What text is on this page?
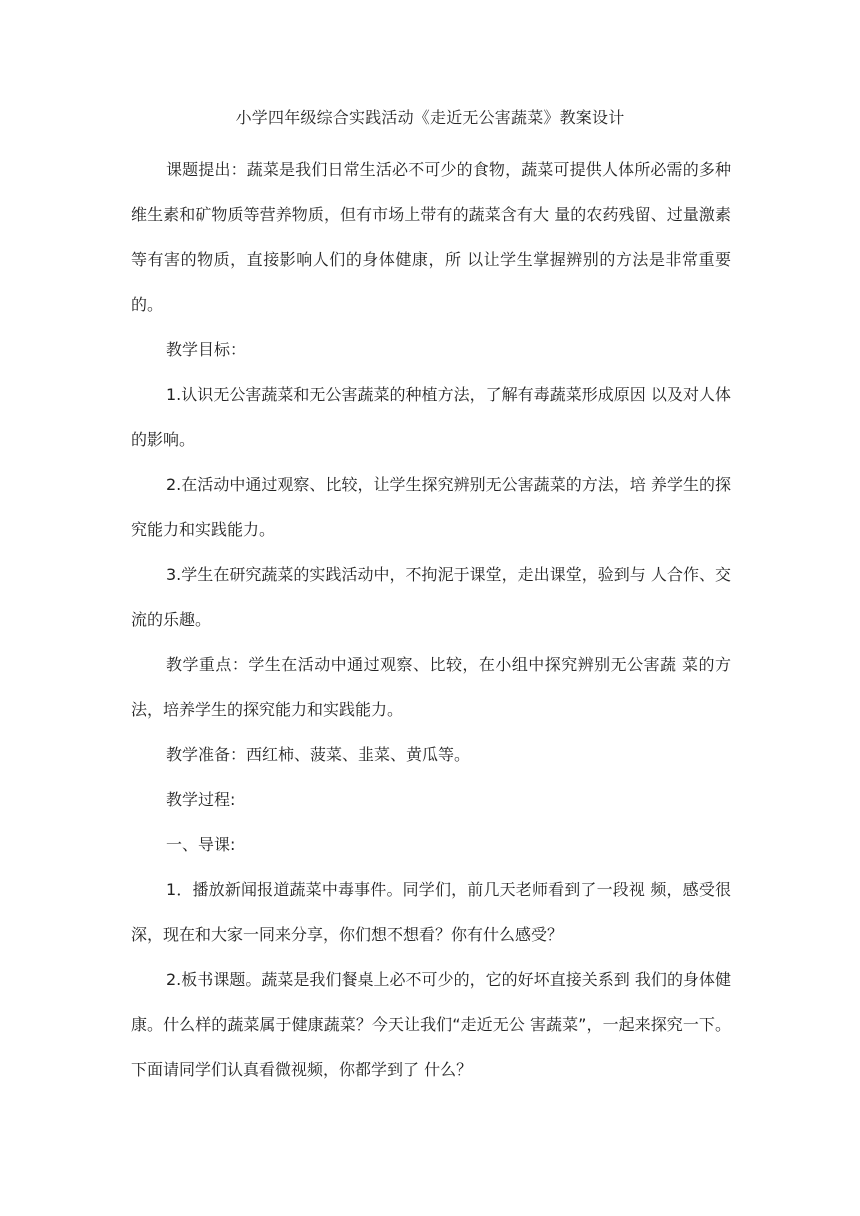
小学四年级综合实践活动《走近无公害蔬菜》教案设计

课题提出：蔬菜是我们日常生活必不可少的食物，蔬菜可提供人体所必需的多种维生素和矿物质等营养物质，但有市场上带有的蔬菜含有大 量的农药残留、过量激素等有害的物质，直接影响人们的身体健康，所 以让学生掌握辨别的方法是非常重要的。

教学目标：

1.认识无公害蔬菜和无公害蔬菜的种植方法，了解有毒蔬菜形成原因 以及对人体的影响。

2.在活动中通过观察、比较，让学生探究辨别无公害蔬菜的方法，培 养学生的探究能力和实践能力。

3.学生在研究蔬菜的实践活动中，不拘泥于课堂，走出课堂，验到与 人合作、交流的乐趣。

教学重点：学生在活动中通过观察、比较，在小组中探究辨别无公害蔬 菜的方法，培养学生的探究能力和实践能力。

教学准备：西红柿、菠菜、韭菜、黄瓜等。

教学过程:

一、导课:

1．播放新闻报道蔬菜中毒事件。同学们，前几天老师看到了一段视 频，感受很深，现在和大家一同来分享，你们想不想看？你有什么感受？

2.板书课题。蔬菜是我们餐桌上必不可少的，它的好坏直接关系到 我们的身体健康。什么样的蔬菜属于健康蔬菜？今天让我们“走近无公 害蔬菜”，一起来探究一下。下面请同学们认真看微视频，你都学到了 什么？
